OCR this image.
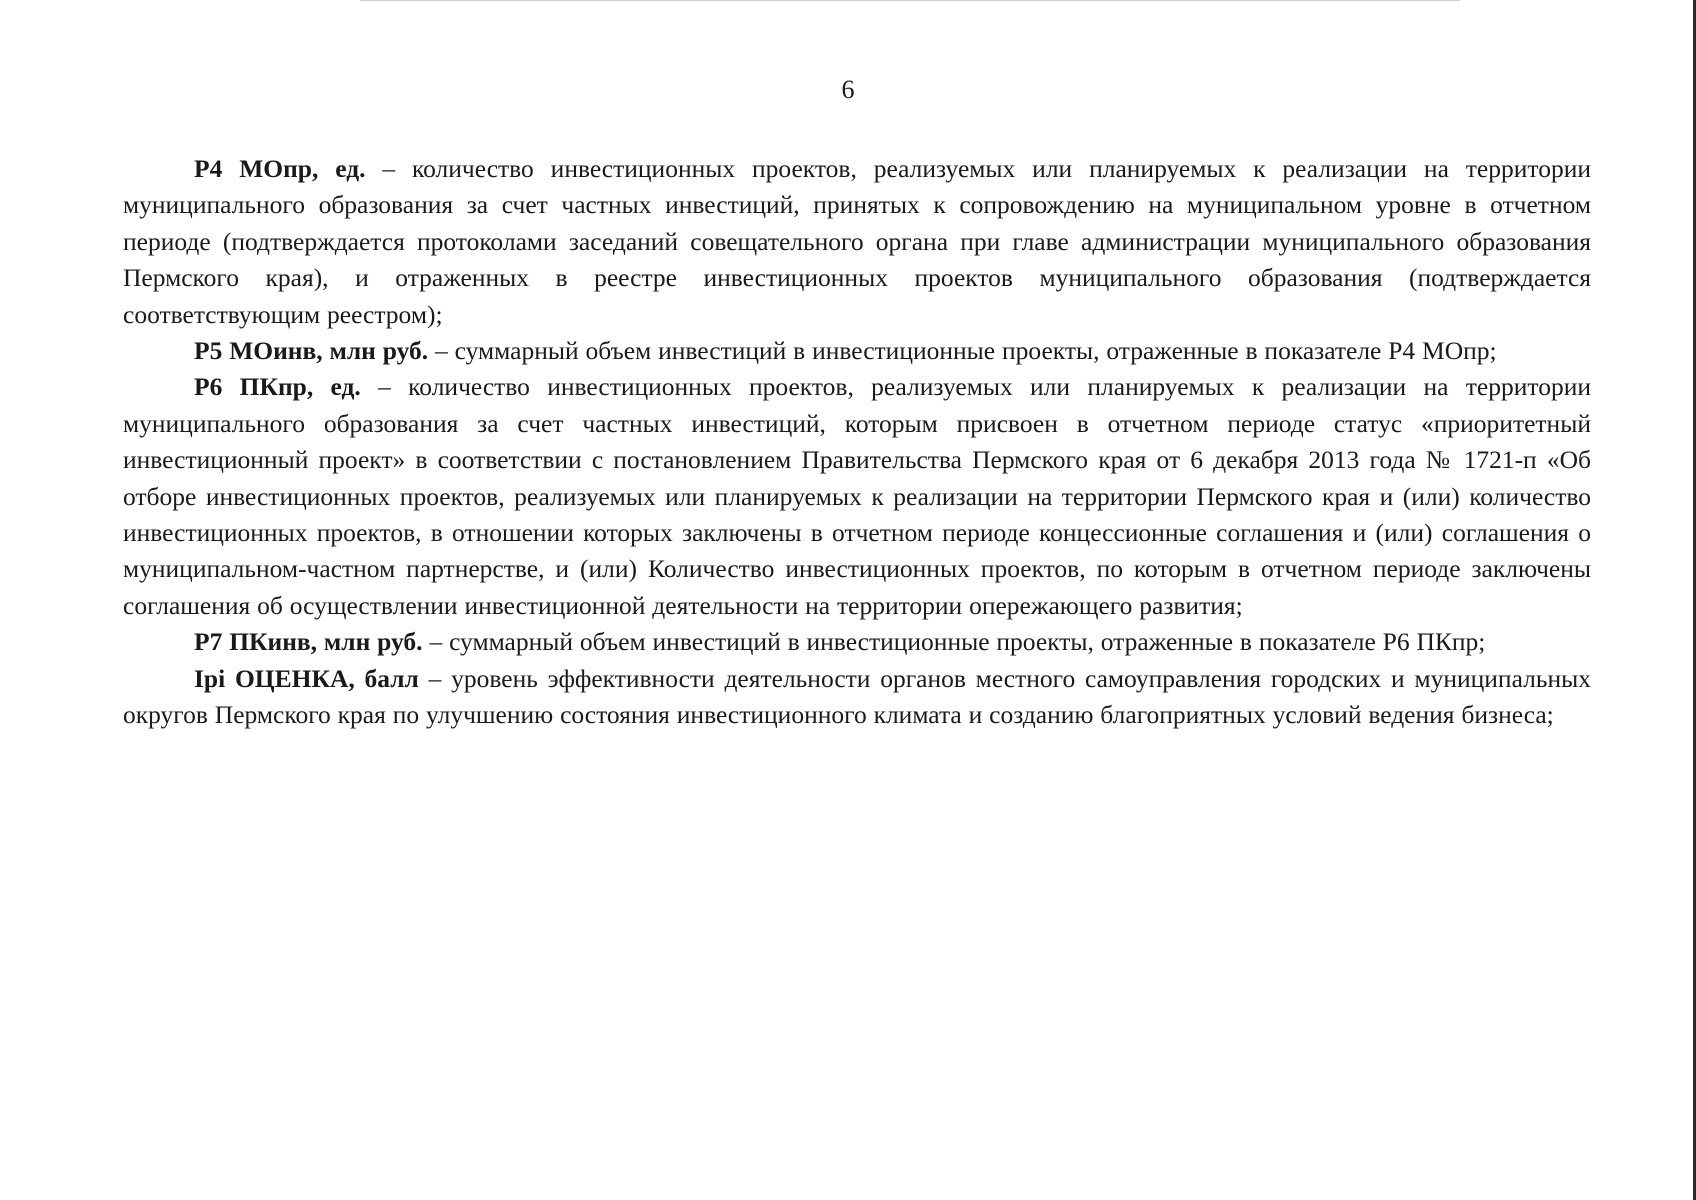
6

P4 МОпр, ед. – количество инвестиционных проектов, реализуемых или планируемых к реализации на территории муниципального образования за счет частных инвестиций, принятых к сопровождению на муниципальном уровне в отчетном периоде (подтверждается протоколами заседаний совещательного органа при главе администрации муниципального образования Пермского края), и отраженных в реестре инвестиционных проектов муниципального образования (подтверждается соответствующим реестром);

P5 МОинв, млн руб. – суммарный объем инвестиций в инвестиционные проекты, отраженные в показателе P4 МОпр;

P6 ПКпр, ед. – количество инвестиционных проектов, реализуемых или планируемых к реализации на территории муниципального образования за счет частных инвестиций, которым присвоен в отчетном периоде статус «приоритетный инвестиционный проект» в соответствии с постановлением Правительства Пермского края от 6 декабря 2013 года № 1721-п «Об отборе инвестиционных проектов, реализуемых или планируемых к реализации на территории Пермского края и (или) количество инвестиционных проектов, в отношении которых заключены в отчетном периоде концессионные соглашения и (или) соглашения о муниципальном-частном партнерстве, и (или) Количество инвестиционных проектов, по которым в отчетном периоде заключены соглашения об осуществлении инвестиционной деятельности на территории опережающего развития;

P7 ПКинв, млн руб. – суммарный объем инвестиций в инвестиционные проекты, отраженные в показателе P6 ПКпр;

Ipi ОЦЕНКА, балл – уровень эффективности деятельности органов местного самоуправления городских и муниципальных округов Пермского края по улучшению состояния инвестиционного климата и созданию благоприятных условий ведения бизнеса;
